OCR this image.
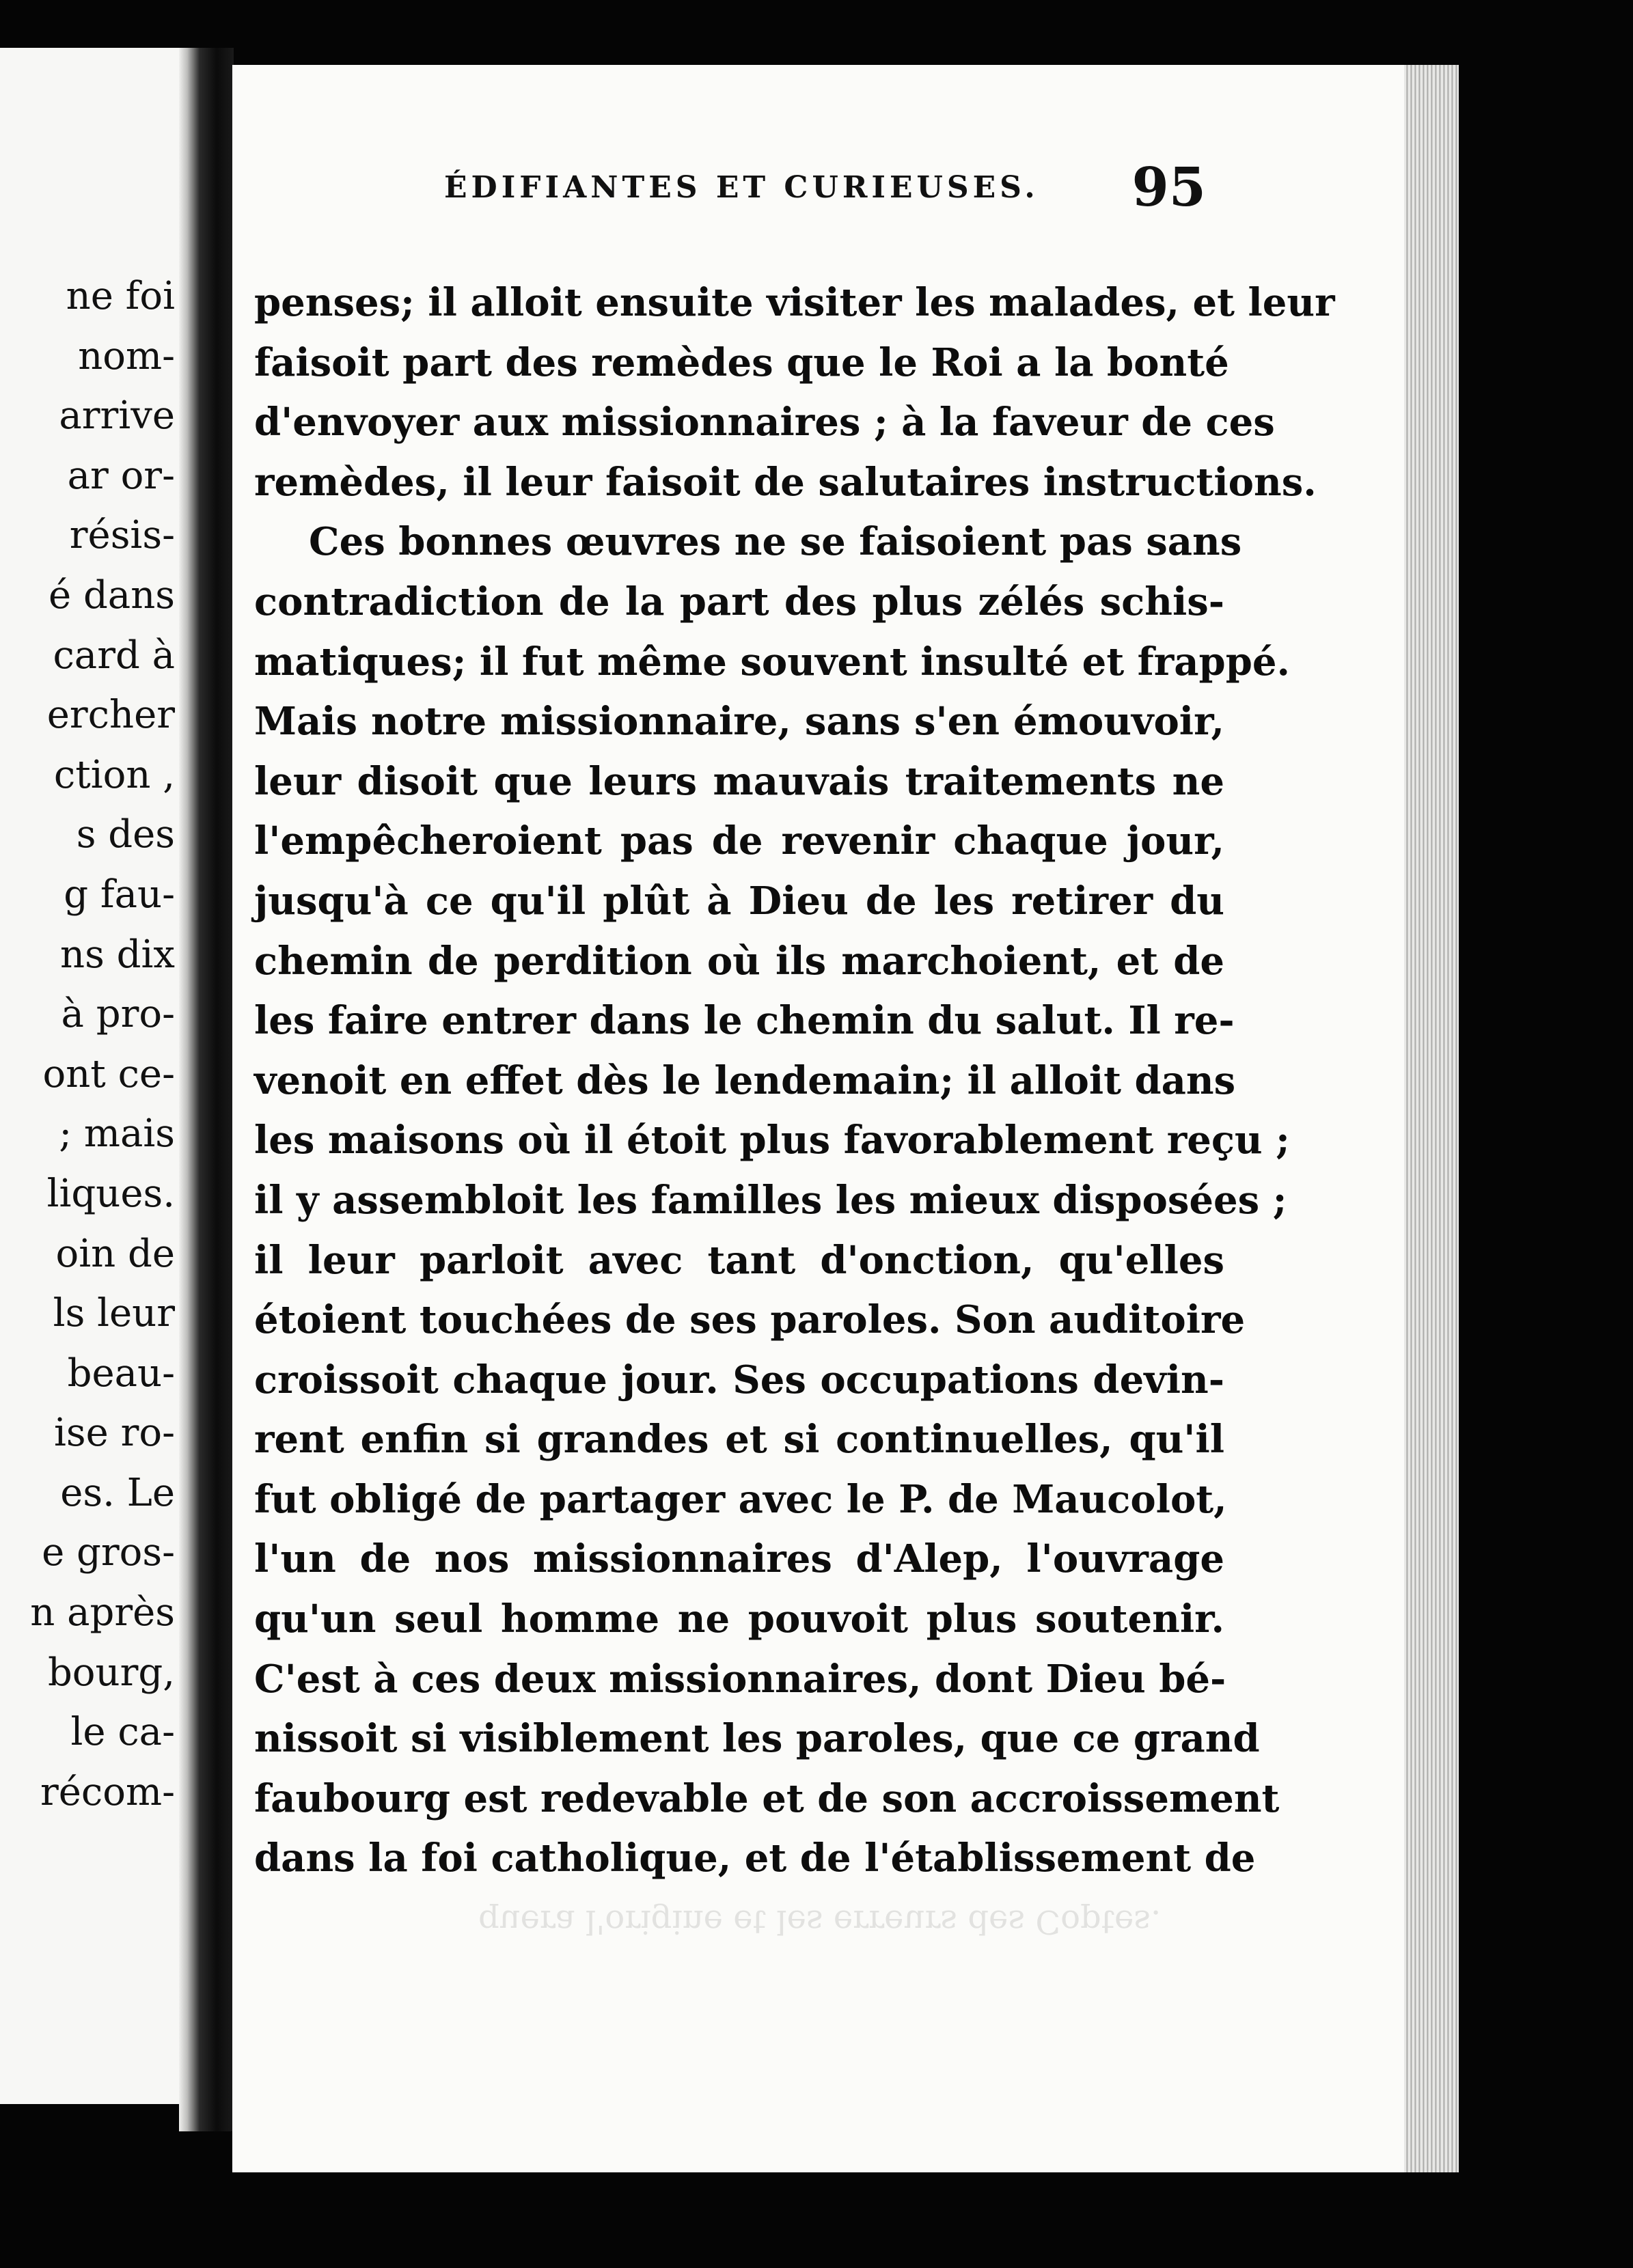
ne foi
nom-
arrive
ar or-
résis-
é dans
card à
ercher
ction ,
s des
g fau-
ns dix
à pro-
ont ce-
; mais
liques.
oin de
ls leur
beau-
ise ro-
es. Le
e gros-
n après
bourg,
le ca-
récom-
ÉDIFIANTES ET CURIEUSES. 95
penses; il alloit ensuite visiter les malades, et leur
faisoit part des remèdes que le Roi a la bonté
d'envoyer aux missionnaires ; à la faveur de ces
remèdes, il leur faisoit de salutaires instructions.
Ces bonnes œuvres ne se faisoient pas sans
contradiction de la part des plus zélés schis-
matiques; il fut même souvent insulté et frappé.
Mais notre missionnaire, sans s'en émouvoir,
leur disoit que leurs mauvais traitements ne
l'empêcheroient pas de revenir chaque jour,
jusqu'à ce qu'il plût à Dieu de les retirer du
chemin de perdition où ils marchoient, et de
les faire entrer dans le chemin du salut. Il re-
venoit en effet dès le lendemain; il alloit dans
les maisons où il étoit plus favorablement reçu ;
il y assembloit les familles les mieux disposées ;
il leur parloit avec tant d'onction, qu'elles
étoient touchées de ses paroles. Son auditoire
croissoit chaque jour. Ses occupations devin-
rent enfin si grandes et si continuelles, qu'il
fut obligé de partager avec le P. de Maucolot,
l'un de nos missionnaires d'Alep, l'ouvrage
qu'un seul homme ne pouvoit plus soutenir.
C'est à ces deux missionnaires, dont Dieu bé-
nissoit si visiblement les paroles, que ce grand
faubourg est redevable et de son accroissement
dans la foi catholique, et de l'établissement de
quera l'origine et les erreurs des Coptes.
